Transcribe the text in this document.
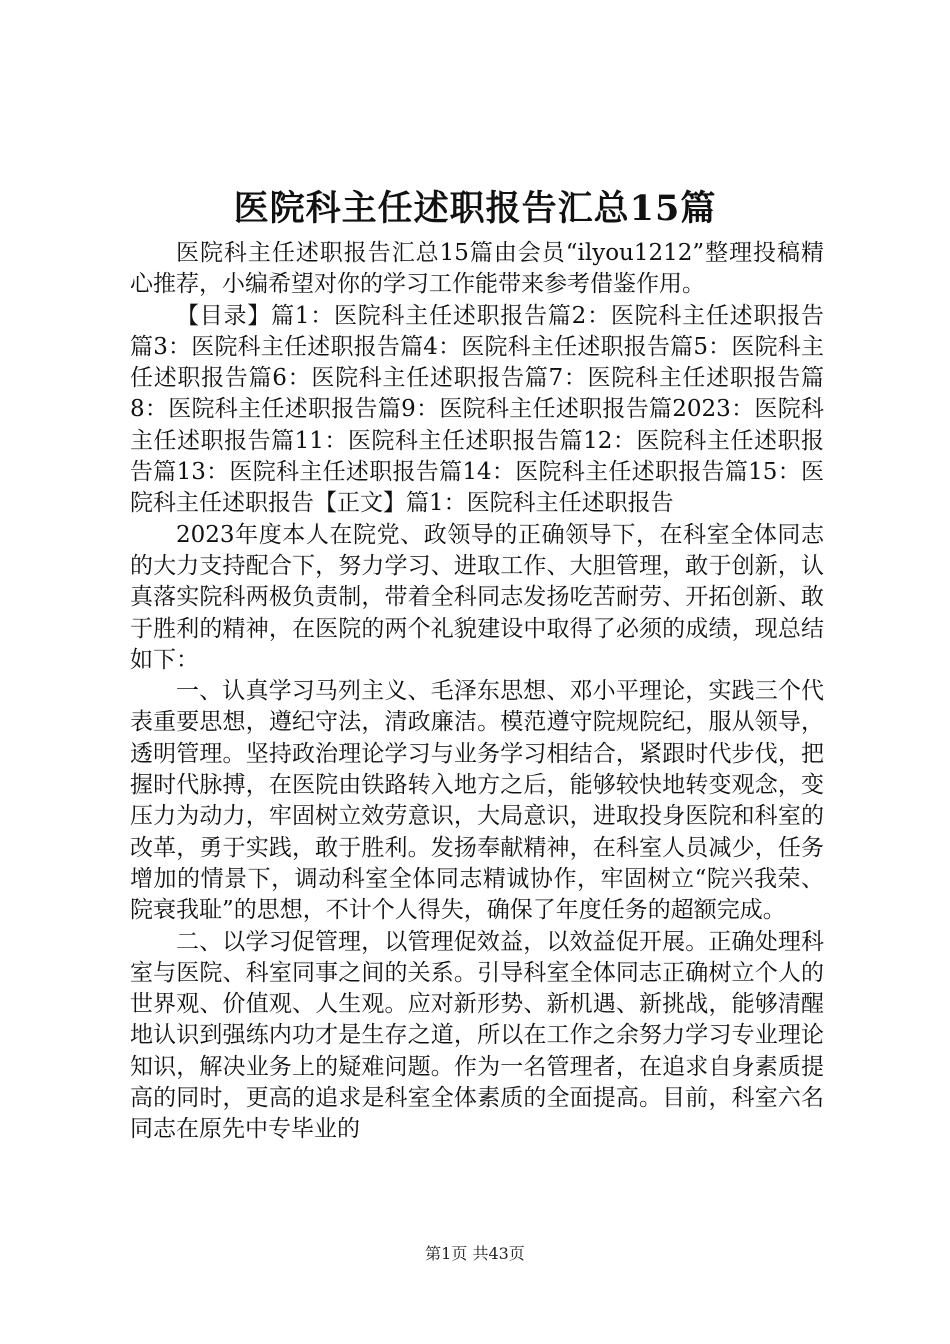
医院科主任述职报告汇总15篇

医院科主任述职报告汇总15篇由会员“ilyou1212”整理投稿精心推荐，小编希望对你的学习工作能带来参考借鉴作用。

【目录】篇1：医院科主任述职报告篇2：医院科主任述职报告篇3：医院科主任述职报告篇4：医院科主任述职报告篇5：医院科主任述职报告篇6：医院科主任述职报告篇7：医院科主任述职报告篇8：医院科主任述职报告篇9：医院科主任述职报告篇2023：医院科主任述职报告篇11：医院科主任述职报告篇12：医院科主任述职报告篇13：医院科主任述职报告篇14：医院科主任述职报告篇15：医院科主任述职报告【正文】篇1：医院科主任述职报告

2023年度本人在院党、政领导的正确领导下，在科室全体同志的大力支持配合下，努力学习、进取工作、大胆管理，敢于创新，认真落实院科两极负责制，带着全科同志发扬吃苦耐劳、开拓创新、敢于胜利的精神，在医院的两个礼貌建设中取得了必须的成绩，现总结如下：

一、认真学习马列主义、毛泽东思想、邓小平理论，实践三个代表重要思想，遵纪守法，清政廉洁。模范遵守院规院纪，服从领导，透明管理。坚持政治理论学习与业务学习相结合，紧跟时代步伐，把握时代脉搏，在医院由铁路转入地方之后，能够较快地转变观念，变压力为动力，牢固树立效劳意识，大局意识，进取投身医院和科室的改革，勇于实践，敢于胜利。发扬奉献精神，在科室人员减少，任务增加的情景下，调动科室全体同志精诚协作，牢固树立“院兴我荣、院衰我耻”的思想，不计个人得失，确保了年度任务的超额完成。

二、以学习促管理，以管理促效益，以效益促开展。正确处理科室与医院、科室同事之间的关系。引导科室全体同志正确树立个人的世界观、价值观、人生观。应对新形势、新机遇、新挑战，能够清醒地认识到强练内功才是生存之道，所以在工作之余努力学习专业理论知识，解决业务上的疑难问题。作为一名管理者，在追求自身素质提高的同时，更高的追求是科室全体素质的全面提高。目前，科室六名同志在原先中专毕业的

第1页 共43页
